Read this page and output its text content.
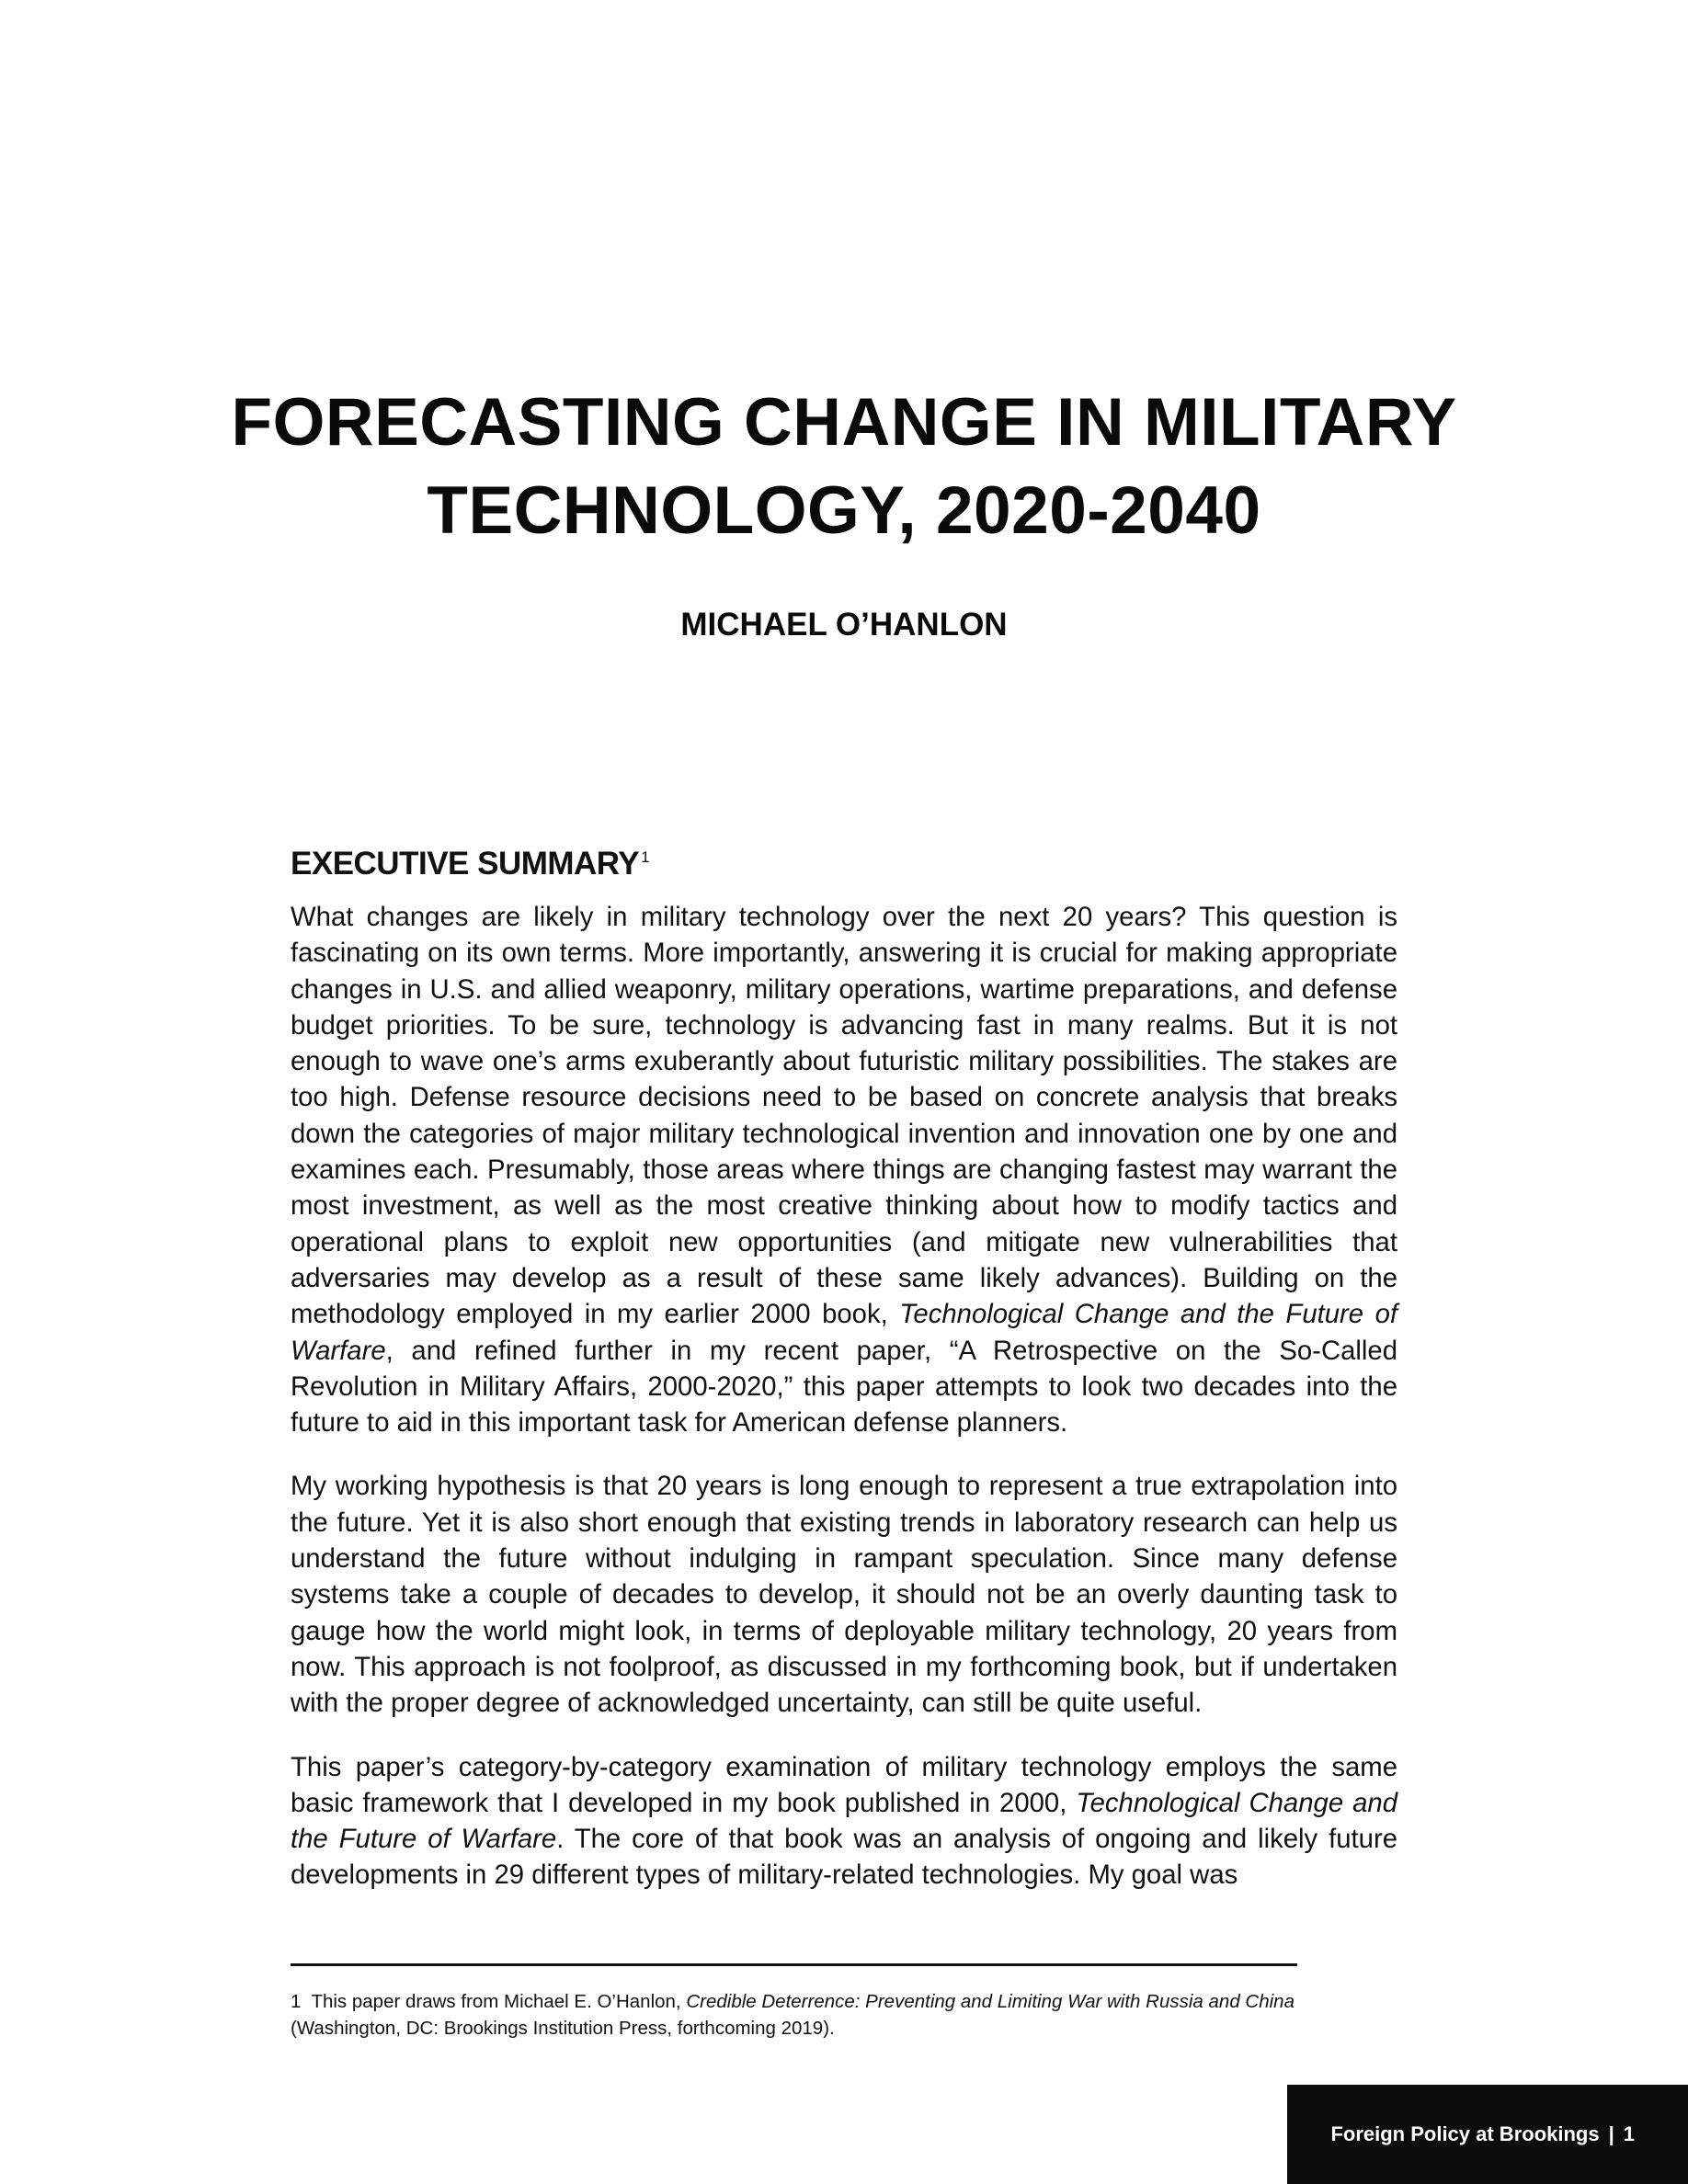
FORECASTING CHANGE IN MILITARY
TECHNOLOGY, 2020-2040
MICHAEL O’HANLON
EXECUTIVE SUMMARY $^1$

What changes are likely in military technology over the next 20 years? This question is fascinating on its own terms. More importantly, answering it is crucial for making appropriate changes in U.S. and allied weaponry, military operations, wartime preparations, and defense budget priorities. To be sure, technology is advancing fast in many realms. But it is not enough to wave one’s arms exuberantly about futuristic military possibilities. The stakes are too high. Defense resource decisions need to be based on concrete analysis that breaks down the categories of major military technological invention and innovation one by one and examines each. Presumably, those areas where things are changing fastest may warrant the most investment, as well as the most creative thinking about how to modify tactics and operational plans to exploit new opportunities (and mitigate new vulnerabilities that adversaries may develop as a result of these same likely advances). Building on the methodology employed in my earlier 2000 book, Technological Change and the Future of Warfare, and refined further in my recent paper, “A Retrospective on the So-Called Revolution in Military Affairs, 2000-2020,” this paper attempts to look two decades into the future to aid in this important task for American defense planners.

My working hypothesis is that 20 years is long enough to represent a true extrapolation into the future. Yet it is also short enough that existing trends in laboratory research can help us understand the future without indulging in rampant speculation. Since many defense systems take a couple of decades to develop, it should not be an overly daunting task to gauge how the world might look, in terms of deployable military technology, 20 years from now. This approach is not foolproof, as discussed in my forthcoming book, but if undertaken with the proper degree of acknowledged uncertainty, can still be quite useful.

This paper’s category-by-category examination of military technology employs the same basic framework that I developed in my book published in 2000, Technological Change and the Future of Warfare. The core of that book was an analysis of ongoing and likely future developments in 29 different types of military-related technologies. My goal was

1 This paper draws from Michael E. O’Hanlon, Credible Deterrence: Preventing and Limiting War with Russia and China (Washington, DC: Brookings Institution Press, forthcoming 2019).

Foreign Policy at Brookings | 1
